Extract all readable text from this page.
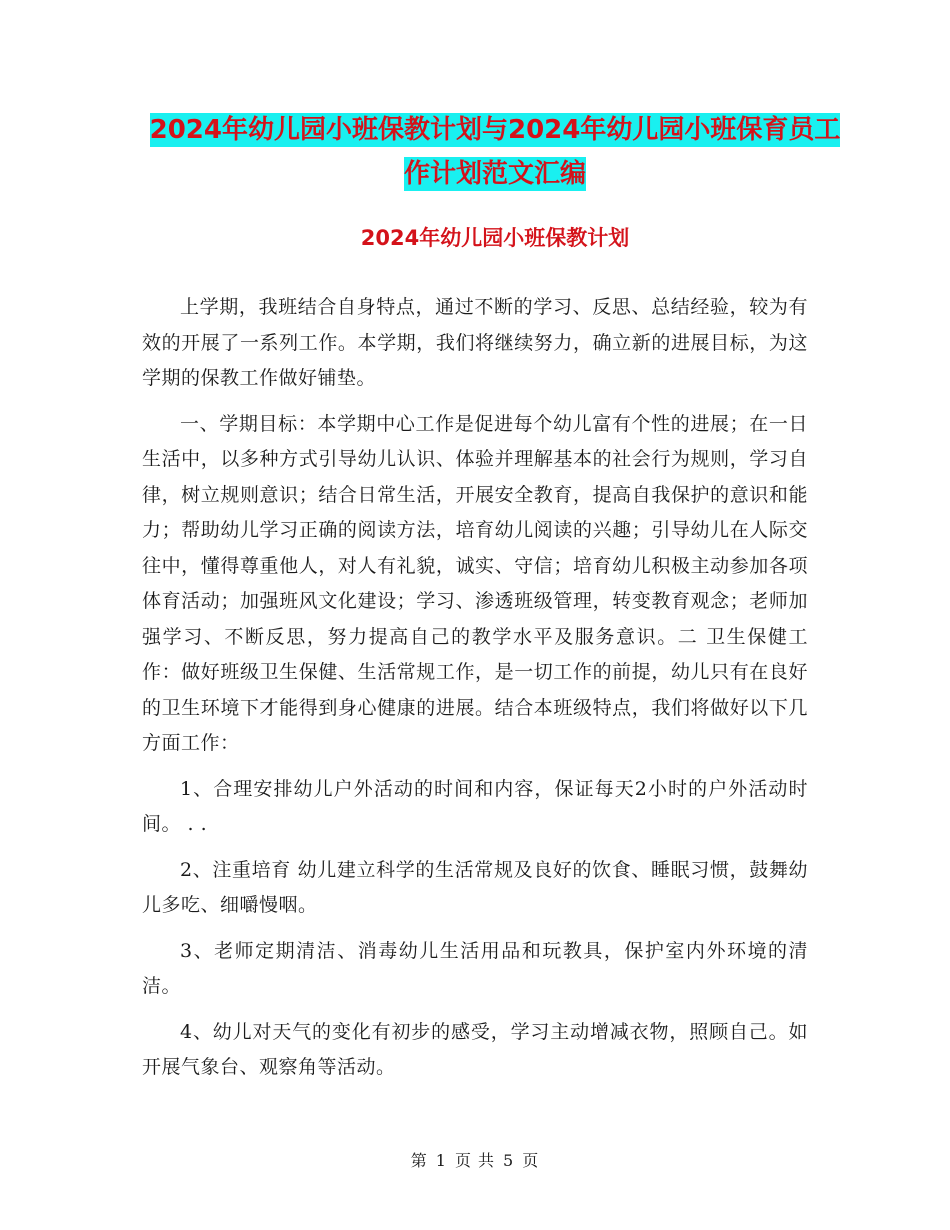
2024年幼儿园小班保教计划与2024年幼儿园小班保育员工作计划范文汇编
2024年幼儿园小班保教计划

上学期，我班结合自身特点，通过不断的学习、反思、总结经验，较为有效的开展了一系列工作。本学期，我们将继续努力，确立新的进展目标，为这学期的保教工作做好铺垫。

一、学期目标：本学期中心工作是促进每个幼儿富有个性的进展；在一日生活中，以多种方式引导幼儿认识、体验并理解基本的社会行为规则，学习自律，树立规则意识；结合日常生活，开展安全教育，提高自我保护的意识和能力；帮助幼儿学习正确的阅读方法，培育幼儿阅读的兴趣；引导幼儿在人际交往中，懂得尊重他人，对人有礼貌，诚实、守信；培育幼儿积极主动参加各项体育活动；加强班风文化建设；学习、渗透班级管理，转变教育观念；老师加强学习、不断反思，努力提高自己的教学水平及服务意识。二 卫生保健工作：做好班级卫生保健、生活常规工作，是一切工作的前提，幼儿只有在良好的卫生环境下才能得到身心健康的进展。结合本班级特点，我们将做好以下几方面工作：

1、合理安排幼儿户外活动的时间和内容，保证每天2小时的户外活动时间。 . .

2、注重培育 幼儿建立科学的生活常规及良好的饮食、睡眠习惯，鼓舞幼儿多吃、细嚼慢咽。

3、老师定期清洁、消毒幼儿生活用品和玩教具，保护室内外环境的清洁。

4、幼儿对天气的变化有初步的感受，学习主动增减衣物，照顾自己。如开展气象台、观察角等活动。

第 1 页 共 5 页
